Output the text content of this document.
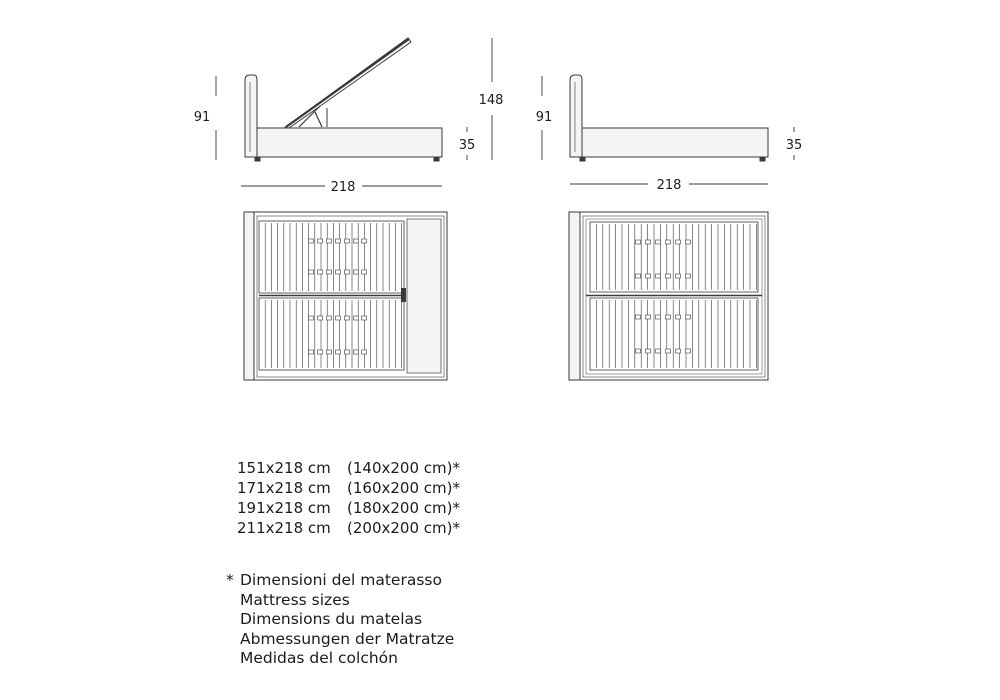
91
148
35
218
91
35
218
151x218 cm	(140x200 cm)*
171x218 cm	(160x200 cm)*
191x218 cm	(180x200 cm)*
211x218 cm	(200x200 cm)*
* Dimensioni del materasso
Mattress sizes
Dimensions du matelas
Abmessungen der Matratze
Medidas del colchón
